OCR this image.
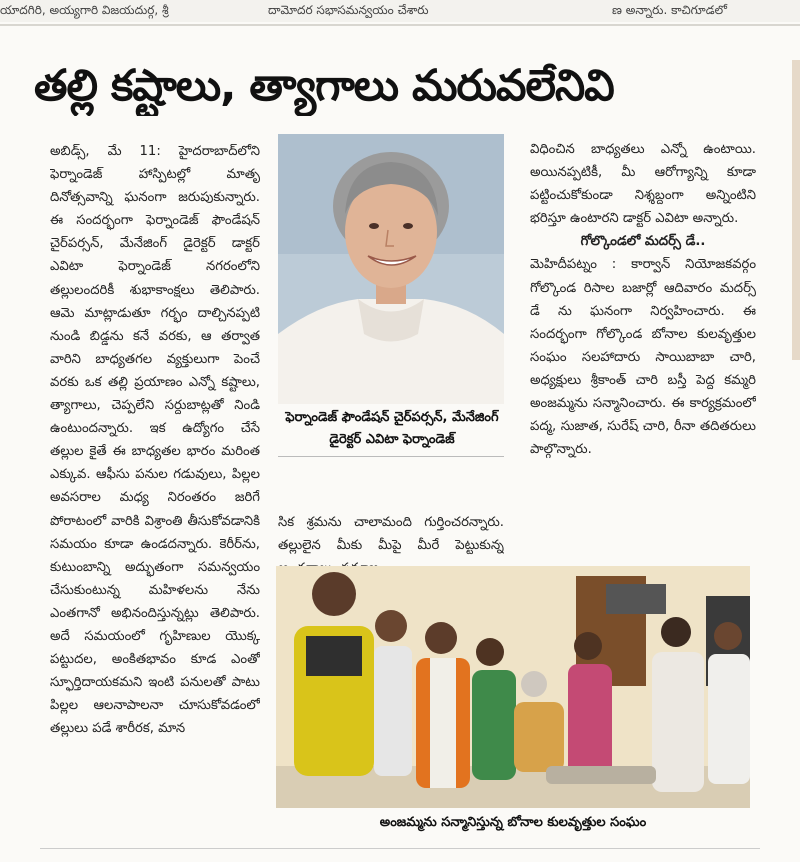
యాదగిరి, అయ్యగారి విజయదుర్గ, శ్రీ	దామోదర సభాసమన్వయం చేశారు	ణ అన్నారు. కాచిగూడలో
తల్లి కష్టాలు, త్యాగాలు మరువలేనివి

అబిడ్స్, మే 11: హైదరాబాద్‌లోని ఫెర్నాండెజ్ హాస్పిటల్లో మాతృ దినోత్సవాన్ని ఘనంగా జరుపుకున్నారు. ఈ సందర్భంగా ఫెర్నాండెజ్ ఫౌండేషన్ చైర్‌పర్సన్, మేనేజింగ్ డైరెక్టర్ డాక్టర్ ఎవిటా ఫెర్నాండెజ్ నగరంలోని తల్లులందరికీ శుభాకాంక్షలు తెలిపారు. ఆమె మాట్లాడుతూ గర్భం దాల్చినప్పటి నుండి బిడ్డను కనే వరకు, ఆ తర్వాత వారిని బాధ్యతగల వ్యక్తులుగా పెంచే వరకు ఒక తల్లి ప్రయాణం ఎన్నో కష్టాలు, త్యాగాలు, చెప్పలేని సర్దుబాట్లతో నిండి ఉంటుందన్నారు. ఇక ఉద్యోగం చేసే తల్లుల కైతే ఈ బాధ్యతల భారం మరింత ఎక్కువ. ఆఫీసు పనుల గడువులు, పిల్లల అవసరాల మధ్య నిరంతరం జరిగే పోరాటంలో వారికి విశ్రాంతి తీసుకోవడానికి సమయం కూడా ఉండదన్నారు. కెరీర్‌ను, కుటుంబాన్ని అద్భుతంగా సమన్వయం చేసుకుంటున్న మహిళలను నేను ఎంతగానో అభినందిస్తున్నట్లు తెలిపారు. అదే సమయంలో గృహిణుల యొక్క పట్టుదల, అంకితభావం కూడ ఎంతో స్ఫూర్తిదాయకమని ఇంటి పనులతో పాటు పిల్లల ఆలనాపాలనా చూసుకోవడంలో తల్లులు పడే శారీరక, మాన

ఫెర్నాండెజ్ ఫౌండేషన్ చైర్‌పర్సన్, మేనేజింగ్ డైరెక్టర్ ఎవిటా ఫెర్నాండెజ్

సిక శ్రమను చాలామంది గుర్తించరన్నారు. తల్లులైన మీకు మీపై మీరే పెట్టుకున్న

విధించిన బాధ్యతలు ఎన్నో ఉంటాయి. అయినప్పటికీ, మీ ఆరోగ్యాన్ని కూడా పట్టించుకోకుండా నిశ్శబ్దంగా అన్నింటిని భరిస్తూ ఉంటారని డాక్టర్ ఎవిటా అన్నారు.

గోల్కొండలో మదర్స్ డే..

మెహిదీపట్నం : కార్వాన్ నియోజకవర్గం గోల్కొండ రిసాల బజార్లో ఆదివారం మదర్స్ డే ను ఘనంగా నిర్వహించారు. ఈ సందర్భంగా గోల్కొండ బోనాల కులవృత్తుల సంఘం సలహాదారు సాయిబాబా చారి, అధ్యక్షులు శ్రీకాంత్ చారి బస్తీ పెద్ద కమ్మరి అంజమ్మను సన్మానించారు. ఈ కార్యక్రమంలో పద్మ, సుజాత, సురేష్ చారి, రీనా తదితరులు పాల్గొన్నారు.

అంజమ్మను సన్మానిస్తున్న బోనాల కులవృత్తుల సంఘం
